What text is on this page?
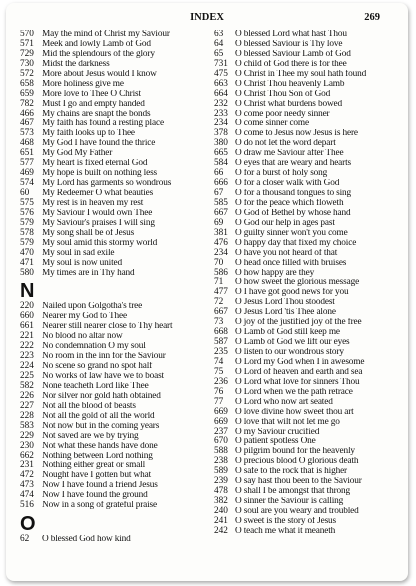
INDEX	269
570 May the mind of Christ my Saviour
571 Meek and lowly Lamb of God
729 Mid the splendours of the glory
730 Midst the darkness
572 More about Jesus would I know
658 More holiness give me
659 More love to Thee O Christ
782 Must I go and empty handed
466 My chains are snapt the bonds
467 My faith has found a resting place
573 My faith looks up to Thee
468 My God I have found the thrice
651 My God My Father
577 My heart is fixed eternal God
469 My hope is built on nothing less
574 My Lord has garments so wondrous
60	My Redeemer O what beauties
575 My rest is in heaven my rest
576 My Saviour I would own Thee
579 My Saviour's praises I will sing
578 My song shall be of Jesus
579 My soul amid this stormy world
470 My soul in sad exile
471 My soul is now united
580 My times are in Thy hand
N
220 Nailed upon Golgotha's tree
660 Nearer my God to Thee
661 Nearer still nearer close to Thy heart
221 No blood no altar now
222 No condemnation O my soul
223 No room in the inn for the Saviour
224 No scene so grand no spot half
225 No works of law have we to boast
582 None teacheth Lord like Thee
226 Nor silver nor gold hath obtained
227 Not all the blood of beasts
228 Not all the gold of all the world
583 Not now but in the coming years
229 Not saved are we by trying
230 Not what these hands have done
662 Nothing between Lord nothing
231 Nothing either great or small
472 Nought have I gotten but what
473 Now I have found a friend Jesus
474 Now I have found the ground
516 Now in a song of grateful praise
O
62	O blessed God how kind
63	O blessed Lord what hast Thou
64	O blessed Saviour is Thy love
65	O blessed Saviour Lamb of God
731 O child of God there is for thee
475 O Christ in Thee my soul hath found
663 O Christ Thou heavenly Lamb
664 O Christ Thou Son of God
232 O Christ what burdens bowed
233 O come poor needy sinner
234 O come sinner come
378 O come to Jesus now Jesus is here
380 O do not let the word depart
665 O draw me Saviour after Thee
584 O eyes that are weary and hearts
66	O for a burst of holy song
666 O for a closer walk with God
67	O for a thousand tongues to sing
585 O for the peace which floweth
667 O God of Bethel by whose hand
69	O God our help in ages past
381 O guilty sinner won't you come
476 O happy day that fixed my choice
234 O have you not heard of that
70	O head once filled with bruises
586 O how happy are they
71	O how sweet the glorious message
477 O I have got good news for you
72	O Jesus Lord Thou stoodest
667 O Jesus Lord 'tis Thee alone
73	O joy of the justified joy of the free
668 O Lamb of God still keep me
587 O Lamb of God we lift our eyes
235 O listen to our wondrous story
74	O Lord my God when I in awesome
75	O Lord of heaven and earth and sea
236 O Lord what love for sinners Thou
76	O Lord when we the path retrace
77	O Lord who now art seated
669 O love divine how sweet thou art
669 O love that wilt not let me go
237 O my Saviour crucified
670 O patient spotless One
588 O pilgrim bound for the heavenly
238 O precious blood O glorious death
589 O safe to the rock that is higher
239 O say hast thou been to the Saviour
478 O shall I be amongst that throng
382 O sinner the Saviour is calling
240 O soul are you weary and troubled
241 O sweet is the story of Jesus
242 O teach me what it meaneth
